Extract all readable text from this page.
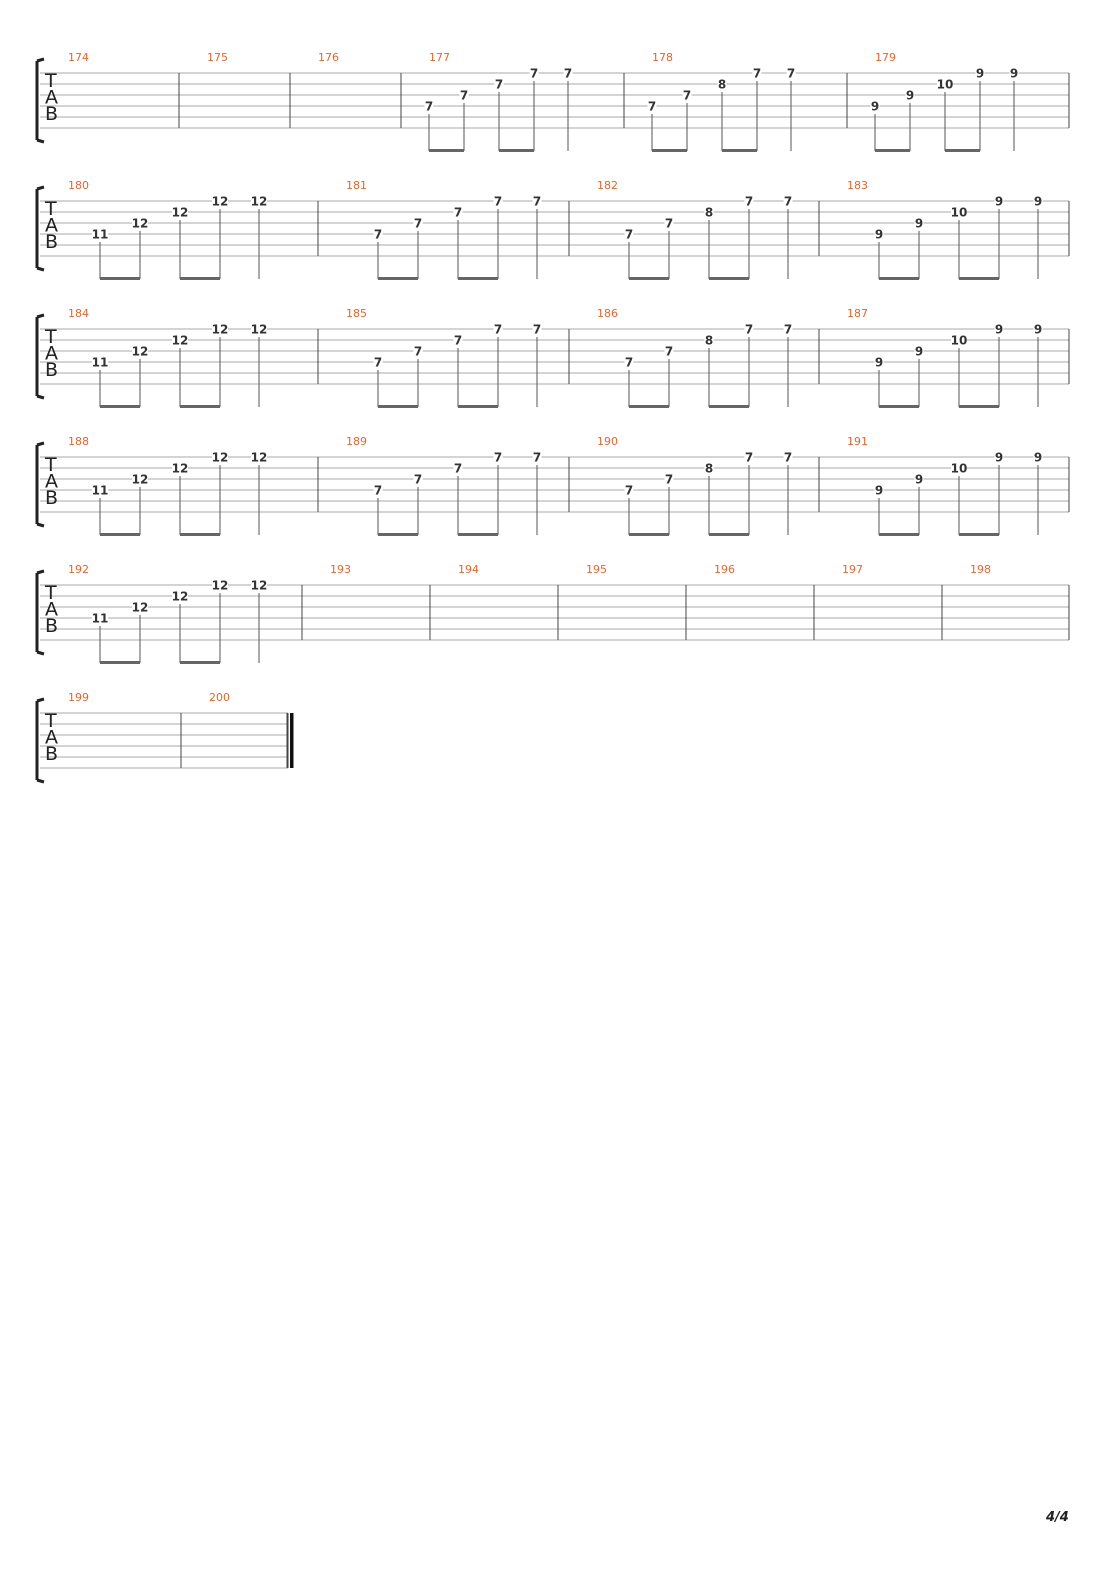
T
A
B
174	175	176	177
7
7
7
7 7
178
7
7
8
7 7
179
9
9
10
9 9
T
A
B
180
11
12
12
12 12
181
7
7
7
7	7
182
7
7
8
7	7
183
9
9
10
9	9
T
A
B
184
11
12
12
12 12
185
7
7
7
7	7
186
7
7
8
7	7
187
9
9
10
9	9
T
A
B
188
11
12
12
12 12
189
7
7
7
7	7
190
7
7
8
7	7
191
9
9
10
9	9
T
A
B
192
11
12
12
12 12
193	194	195	196	197	198
T
A
B
199	200
4/4
